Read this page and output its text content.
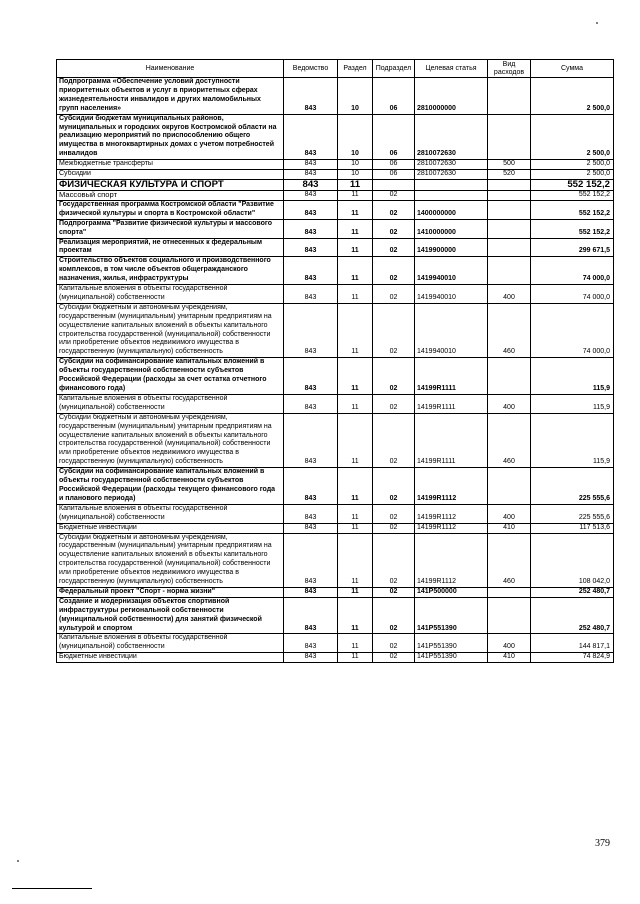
Наименование	Ведомство	Раздел	Подраздел	Целевая статья	Вид расходов	Сумма
Подпрограмма «Обеспечение условий доступности приоритетных объектов и услуг в приоритетных сферах жизнедеятельности инвалидов и других маломобильных групп населения»	843	10	06	2810000000		2 500,0
Субсидии бюджетам муниципальных районов, муниципальных и городских округов Костромской области на реализацию мероприятий по приспособлению общего имущества в многоквартирных домах с учетом потребностей инвалидов	843	10	06	2810072630		2 500,0
Межбюджетные трансферты	843	10	06	2810072630	500	2 500,0
Субсидии	843	10	06	2810072630	520	2 500,0
ФИЗИЧЕСКАЯ КУЛЬТУРА И СПОРТ	843	11				552 152,2
Массовый спорт	843	11	02			552 152,2
Государственная программа Костромской области "Развитие физической культуры и спорта в Костромской области"	843	11	02	1400000000		552 152,2
Подпрограмма "Развитие физической культуры и массового спорта"	843	11	02	1410000000		552 152,2
Реализация мероприятий, не отнесенных к федеральным проектам	843	11	02	1419900000		299 671,5
Строительство объектов социального и производственного комплексов, в том числе объектов общегражданского назначения, жилья, инфраструктуры	843	11	02	1419940010		74 000,0
Капитальные вложения в объекты государственной (муниципальной) собственности	843	11	02	1419940010	400	74 000,0
Субсидии бюджетным и автономным учреждениям, государственным (муниципальным) унитарным предприятиям на осуществление капитальных вложений в объекты капитального строительства государственной (муниципальной) собственности или приобретение объектов недвижимого имущества в государственную (муниципальную) собственность	843	11	02	1419940010	460	74 000,0
Субсидии на софинансирование капитальных вложений в объекты государственной собственности субъектов Российской Федерации (расходы за счет остатка отчетного финансового года)	843	11	02	14199R1111		115,9
Капитальные вложения в объекты государственной (муниципальной) собственности	843	11	02	14199R1111	400	115,9
Субсидии бюджетным и автономным учреждениям, государственным (муниципальным) унитарным предприятиям на осуществление капитальных вложений в объекты капитального строительства государственной (муниципальной) собственности или приобретение объектов недвижимого имущества в государственную (муниципальную) собственность	843	11	02	14199R1111	460	115,9
Субсидии на софинансирование капитальных вложений в объекты государственной собственности субъектов Российской Федерации (расходы текущего финансового года и планового периода)	843	11	02	14199R1112		225 555,6
Капитальные вложения в объекты государственной (муниципальной) собственности	843	11	02	14199R1112	400	225 555,6
Бюджетные инвестиции	843	11	02	14199R1112	410	117 513,6
Субсидии бюджетным и автономным учреждениям, государственным (муниципальным) унитарным предприятиям на осуществление капитальных вложений в объекты капитального строительства государственной (муниципальной) собственности или приобретение объектов недвижимого имущества в государственную (муниципальную) собственность	843	11	02	14199R1112	460	108 042,0
Федеральный проект "Спорт - норма жизни"	843	11	02	141P500000		252 480,7
Создание и модернизация объектов спортивной инфраструктуры региональной собственности (муниципальной собственности) для занятий физической культурой и спортом	843	11	02	141P551390		252 480,7
Капитальные вложения в объекты государственной (муниципальной) собственности	843	11	02	141P551390	400	144 817,1
Бюджетные инвестиции	843	11	02	141P551390	410	74 824,9
379
